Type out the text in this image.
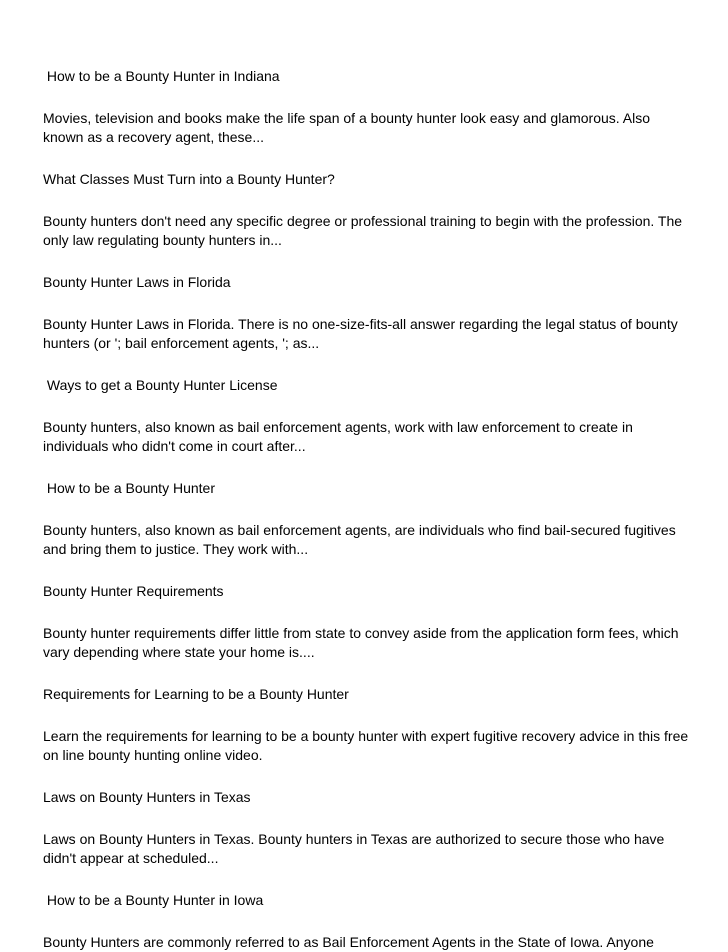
How to be a Bounty Hunter in Indiana

Movies, television and books make the life span of a bounty hunter look easy and glamorous. Also known as a recovery agent, these...

What Classes Must Turn into a Bounty Hunter?

Bounty hunters don't need any specific degree or professional training to begin with the profession. The only law regulating bounty hunters in...

Bounty Hunter Laws in Florida

Bounty Hunter Laws in Florida. There is no one-size-fits-all answer regarding the legal status of bounty hunters (or '; bail enforcement agents, '; as...

Ways to get a Bounty Hunter License

Bounty hunters, also known as bail enforcement agents, work with law enforcement to create in individuals who didn't come in court after...

How to be a Bounty Hunter

Bounty hunters, also known as bail enforcement agents, are individuals who find bail-secured fugitives and bring them to justice. They work with...

Bounty Hunter Requirements

Bounty hunter requirements differ little from state to convey aside from the application form fees, which vary depending where state your home is....

Requirements for Learning to be a Bounty Hunter

Learn the requirements for learning to be a bounty hunter with expert fugitive recovery advice in this free on line bounty hunting online video.

Laws on Bounty Hunters in Texas

Laws on Bounty Hunters in Texas. Bounty hunters in Texas are authorized to secure those who have didn't appear at scheduled...

How to be a Bounty Hunter in Iowa

Bounty Hunters are commonly referred to as Bail Enforcement Agents in the State of Iowa. Anyone
